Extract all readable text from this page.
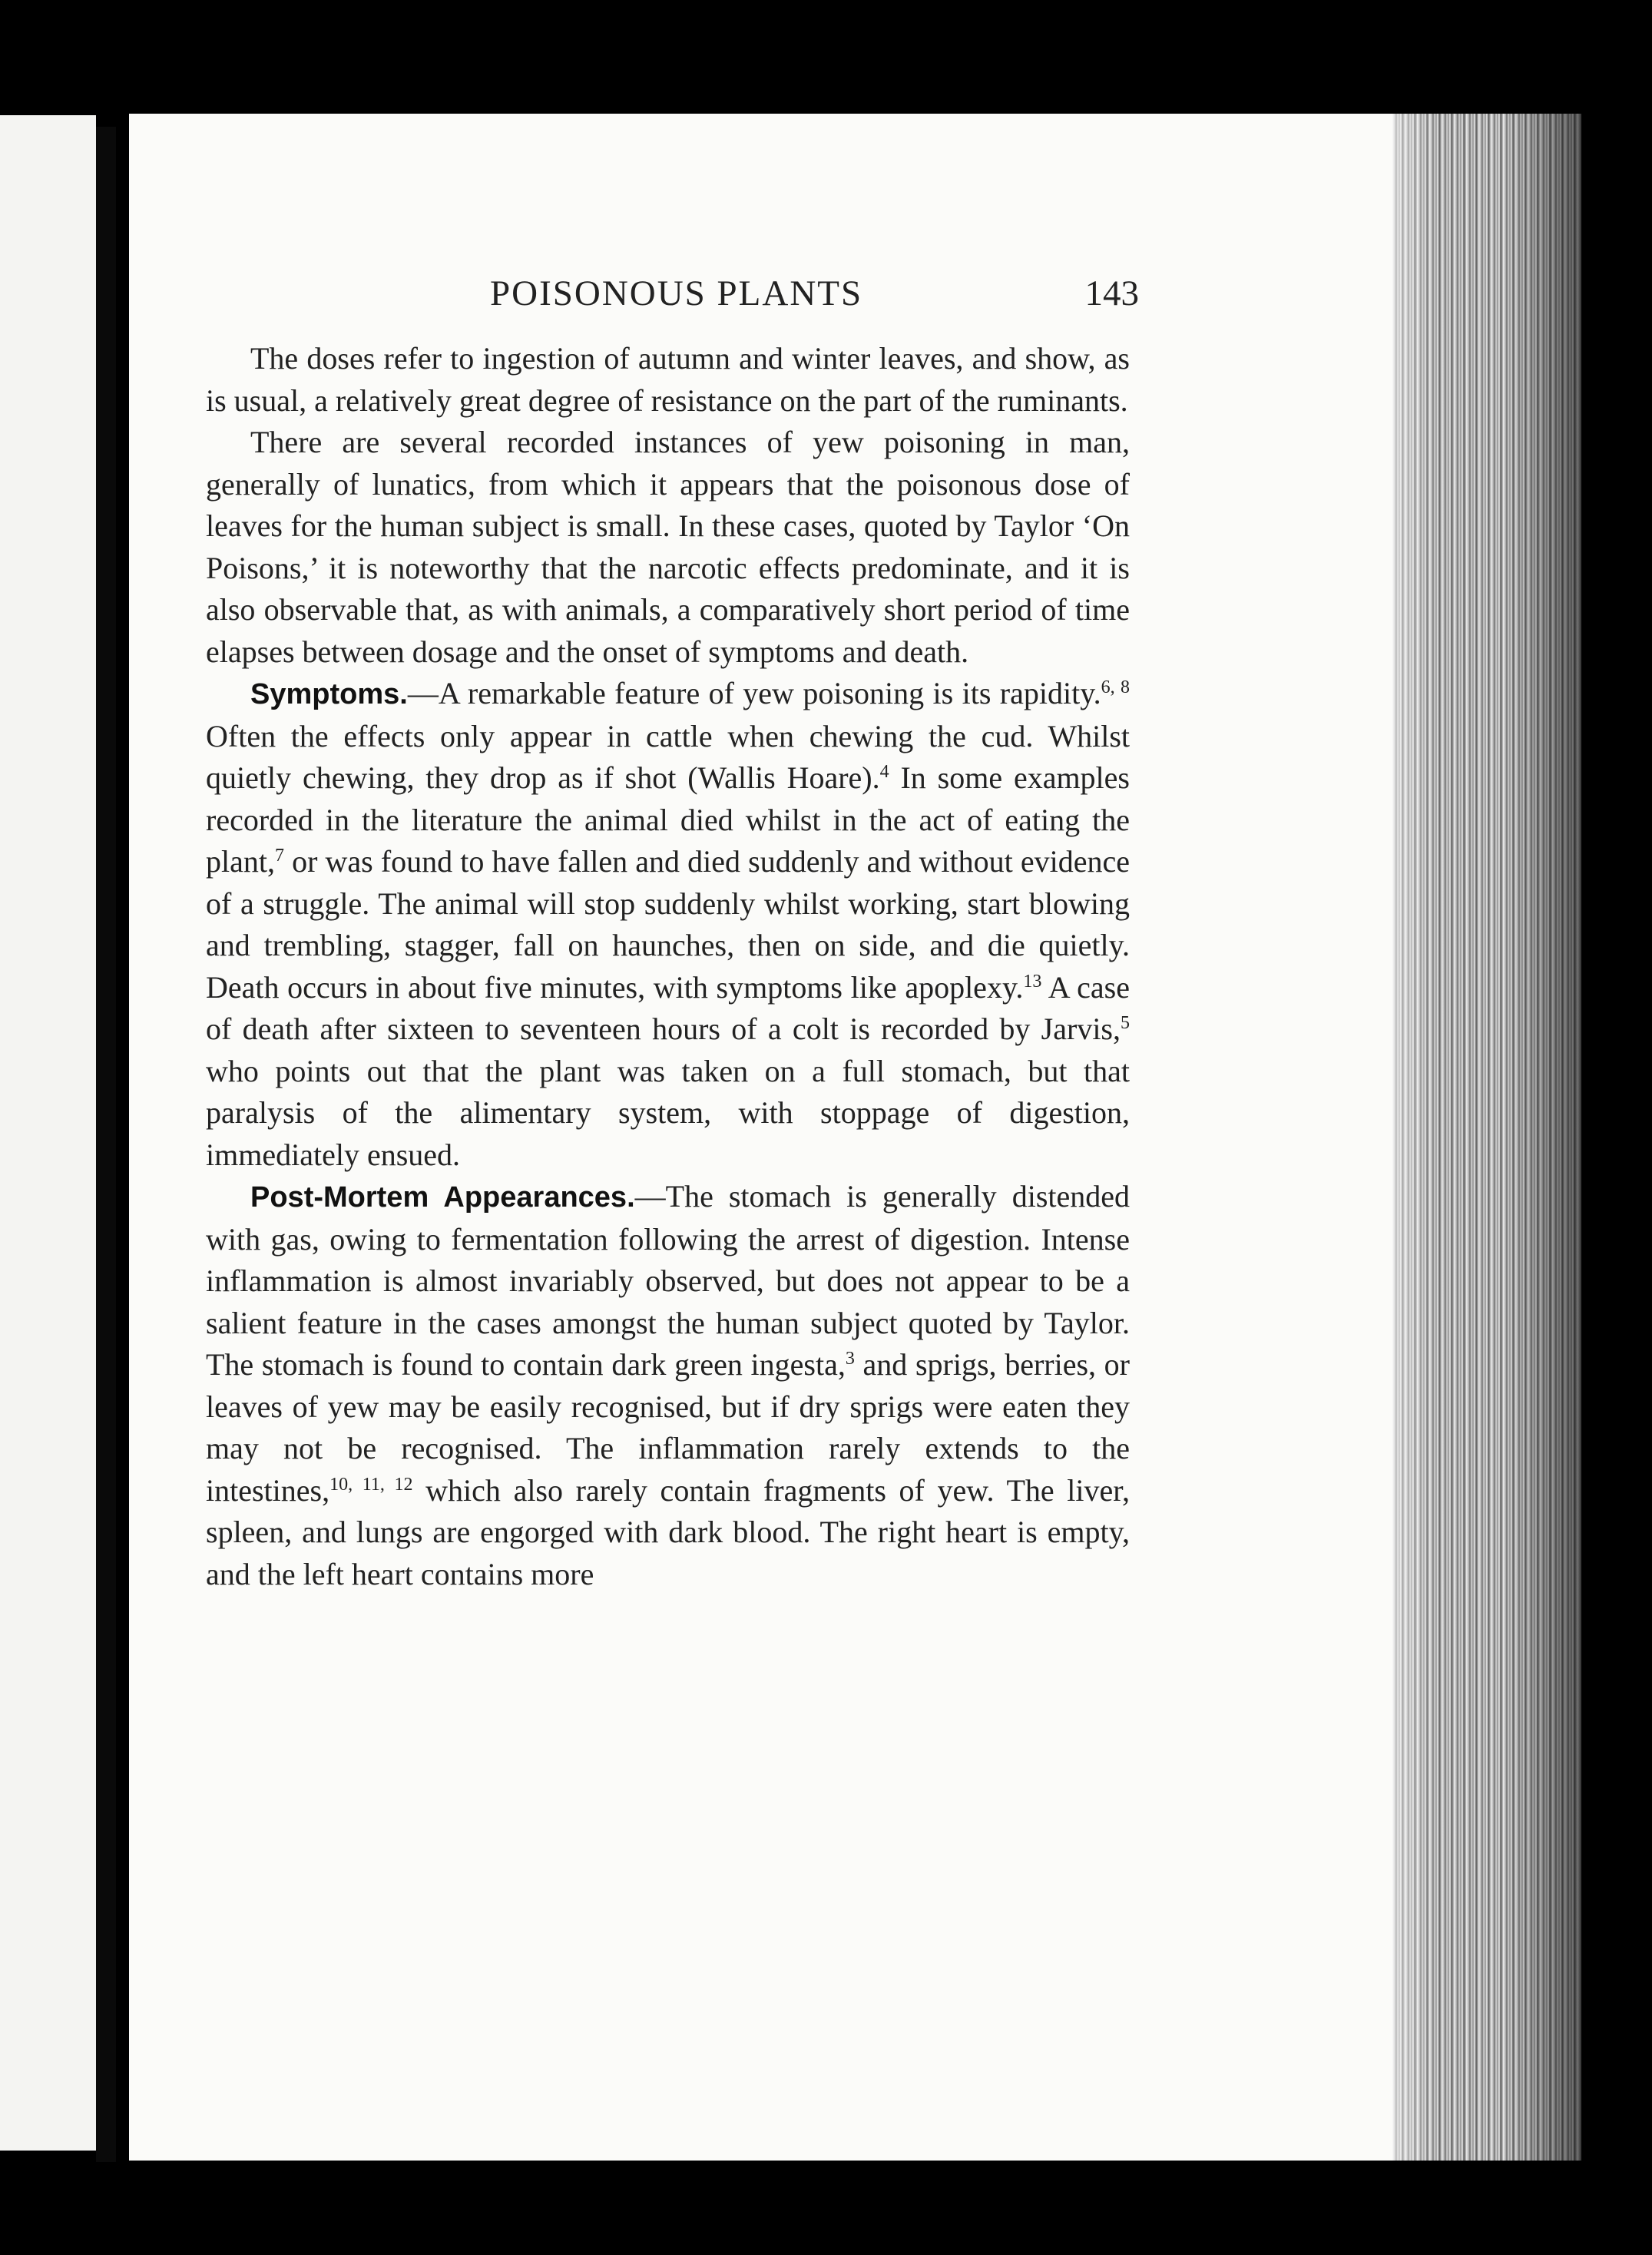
POISONOUS PLANTS	143

The doses refer to ingestion of autumn and winter leaves, and show, as is usual, a relatively great degree of resistance on the part of the ruminants.

There are several recorded instances of yew poisoning in man, generally of lunatics, from which it appears that the poisonous dose of leaves for the human subject is small. In these cases, quoted by Taylor ‘On Poisons,’ it is noteworthy that the narcotic effects predominate, and it is also observable that, as with animals, a comparatively short period of time elapses between dosage and the onset of symptoms and death.

Symptoms.—A remarkable feature of yew poisoning is its rapidity.$^{6, 8}$ Often the effects only appear in cattle when chewing the cud. Whilst quietly chewing, they drop as if shot (Wallis Hoare).$^4$ In some examples recorded in the literature the animal died whilst in the act of eating the plant,$^7$ or was found to have fallen and died suddenly and without evidence of a struggle. The animal will stop suddenly whilst working, start blowing and trembling, stagger, fall on haunches, then on side, and die quietly. Death occurs in about five minutes, with symptoms like apoplexy.$^{13}$ A case of death after sixteen to seventeen hours of a colt is recorded by Jarvis,$^5$ who points out that the plant was taken on a full stomach, but that paralysis of the alimentary system, with stoppage of digestion, immediately ensued.

Post-Mortem Appearances.—The stomach is generally distended with gas, owing to fermentation following the arrest of digestion. Intense inflammation is almost invariably observed, but does not appear to be a salient feature in the cases amongst the human subject quoted by Taylor. The stomach is found to contain dark green ingesta,$^3$ and sprigs, berries, or leaves of yew may be easily recognised, but if dry sprigs were eaten they may not be recognised. The inflammation rarely extends to the intestines,$^{10, 11, 12}$ which also rarely contain fragments of yew. The liver, spleen, and lungs are engorged with dark blood. The right heart is empty, and the left heart contains more
